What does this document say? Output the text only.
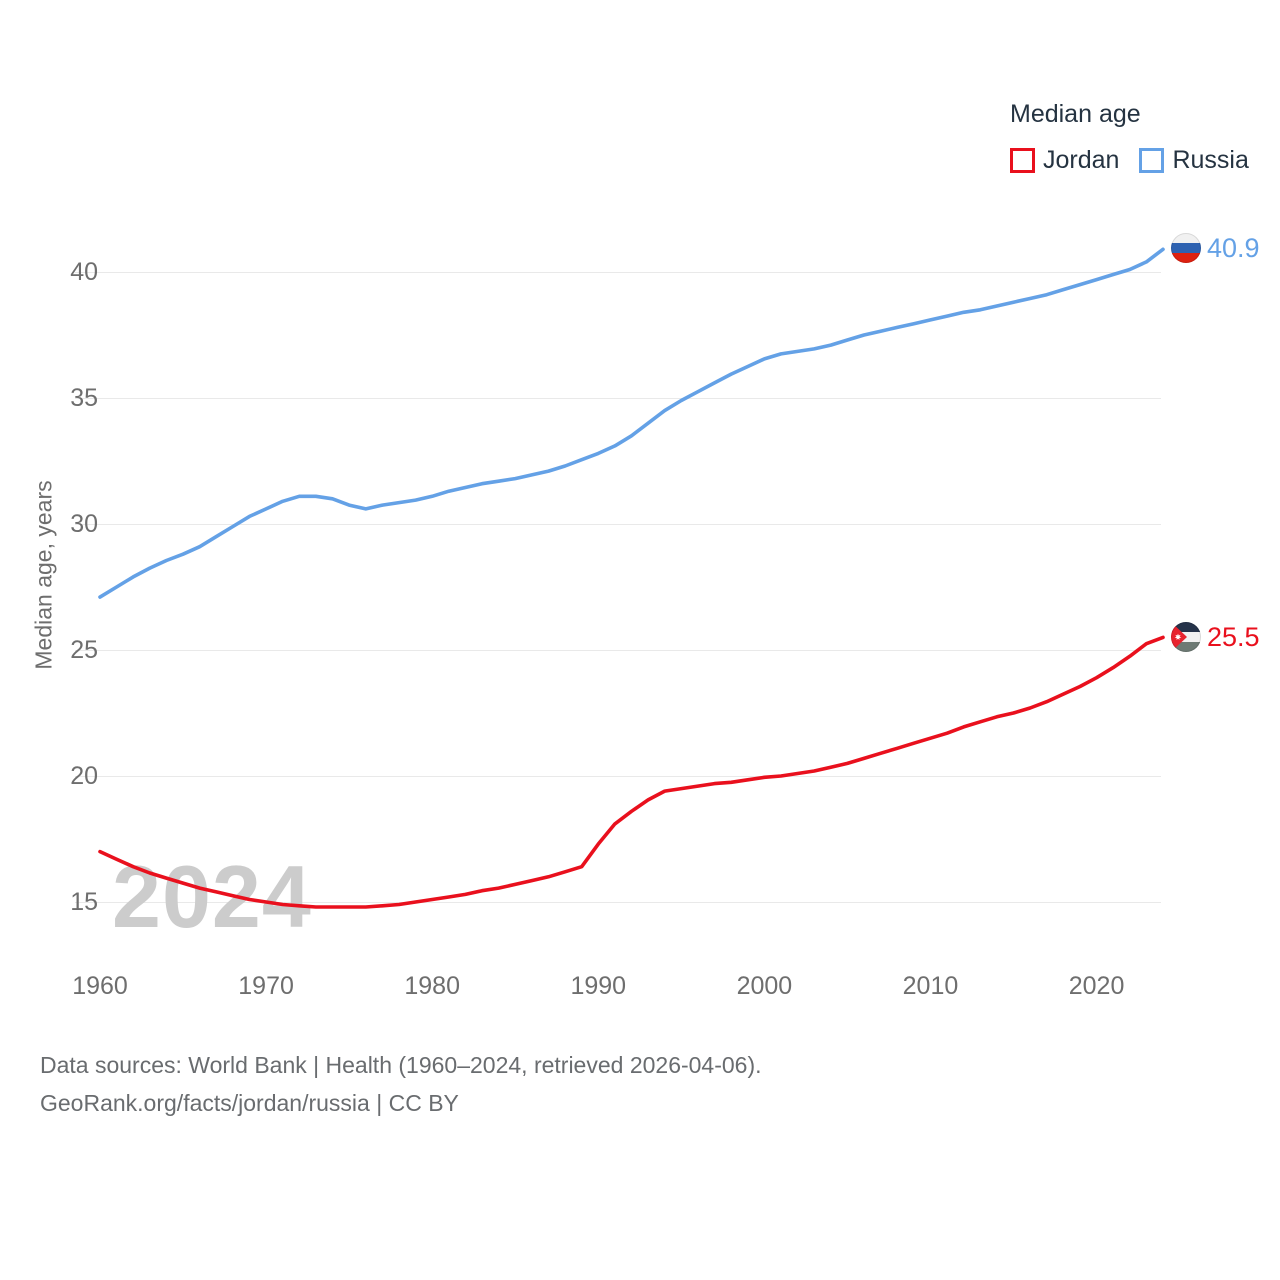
Median age
Jordan Russia
Median age, years
15
20
25
30
35
40
1960	1970	1980	1990	2000	2010	2020
2024
40.9
25.5
Data sources: World Bank | Health (1960–2024, retrieved 2026-04-06).
GeoRank.org/facts/jordan/russia | CC BY
